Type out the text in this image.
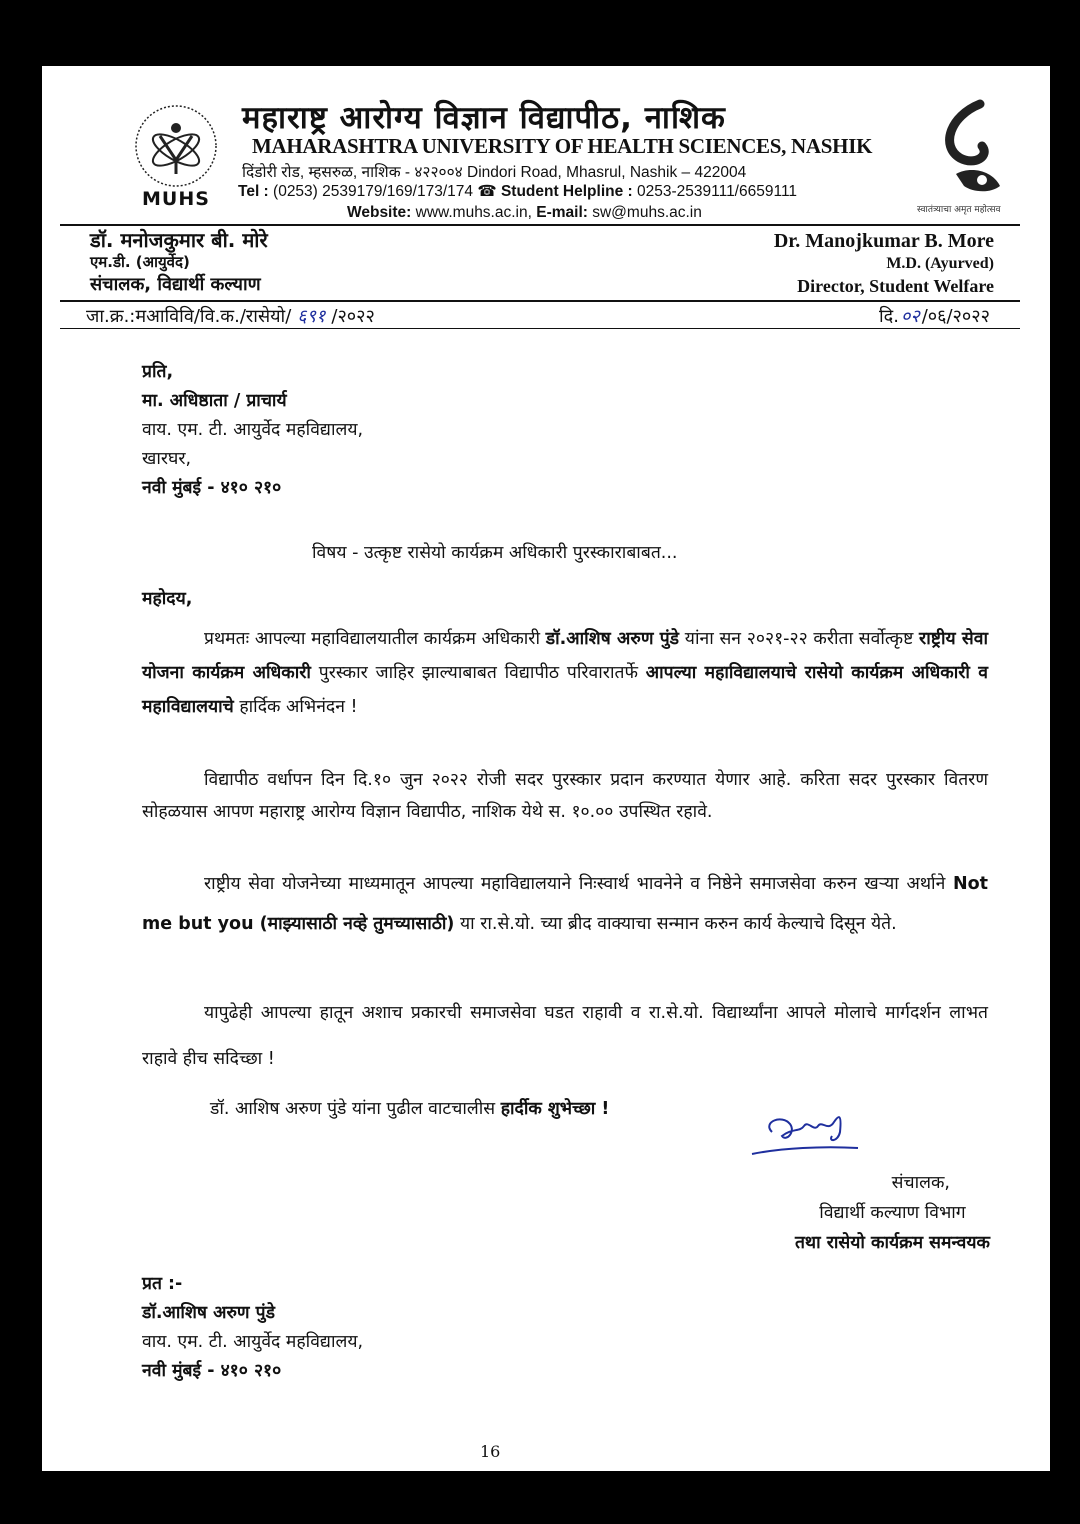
MUHS	स्वातंत्र्याचा अमृत महोत्सव
महाराष्ट्र आरोग्य विज्ञान विद्यापीठ, नाशिक
MAHARASHTRA UNIVERSITY OF HEALTH SCIENCES, NASHIK
दिंडोरी रोड, म्हसरुळ, नाशिक - ४२२००४ Dindori Road, Mhasrul, Nashik – 422004
Tel : (0253) 2539179/169/173/174 ☎ Student Helpline : 0253-2539111/6659111
Website: www.muhs.ac.in, E-mail: sw@muhs.ac.in
डॉ. मनोजकुमार बी. मोरे
एम.डी. (आयुर्वेद)
संचालक, विद्यार्थी कल्याण
Dr. Manojkumar B. More
M.D. (Ayurved)
Director, Student Welfare
जा.क्र.:मआविवि/वि.क./रासेयो/ ६९१ /२०२२	दि. ०२ /०६/२०२२
प्रति,
मा. अधिष्ठाता / प्राचार्य
वाय. एम. टी. आयुर्वेद महविद्यालय,
खारघर,
नवी मुंबई - ४१० २१०
विषय - उत्कृष्ट रासेयो कार्यक्रम अधिकारी पुरस्काराबाबत...
महोदय,
प्रथमतः आपल्या महाविद्यालयातील कार्यक्रम अधिकारी डॉ.आशिष अरुण पुंडे यांना सन २०२१-२२ करीता सर्वोत्कृष्ट राष्ट्रीय सेवा योजना कार्यक्रम अधिकारी पुरस्कार जाहिर झाल्याबाबत विद्यापीठ परिवारातर्फे आपल्या महाविद्यालयाचे रासेयो कार्यक्रम अधिकारी व महाविद्यालयाचे हार्दिक अभिनंदन !
विद्यापीठ वर्धापन दिन दि.१० जुन २०२२ रोजी सदर पुरस्कार प्रदान करण्यात येणार आहे. करिता सदर पुरस्कार वितरण सोहळयास आपण महाराष्ट्र आरोग्य विज्ञान विद्यापीठ, नाशिक येथे स. १०.०० उपस्थित रहावे.
राष्ट्रीय सेवा योजनेच्या माध्यमातून आपल्या महाविद्यालयाने निःस्वार्थ भावनेने व निष्ठेने समाजसेवा करुन खऱ्या अर्थाने Not me but you (माझ्यासाठी नव्हे तुमच्यासाठी) या रा.से.यो. च्या ब्रीद वाक्याचा सन्मान करुन कार्य केल्याचे दिसून येते.
यापुढेही आपल्या हातून अशाच प्रकारची समाजसेवा घडत राहावी व रा.से.यो. विद्यार्थ्यांना आपले मोलाचे मार्गदर्शन लाभत राहावे हीच सदिच्छा !
डॉ. आशिष अरुण पुंडे यांना पुढील वाटचालीस हार्दीक शुभेच्छा !
संचालक,
विद्यार्थी कल्याण विभाग
तथा रासेयो कार्यक्रम समन्वयक
प्रत :-
डॉ.आशिष अरुण पुंडे
वाय. एम. टी. आयुर्वेद महविद्यालय,
नवी मुंबई - ४१० २१०
16
